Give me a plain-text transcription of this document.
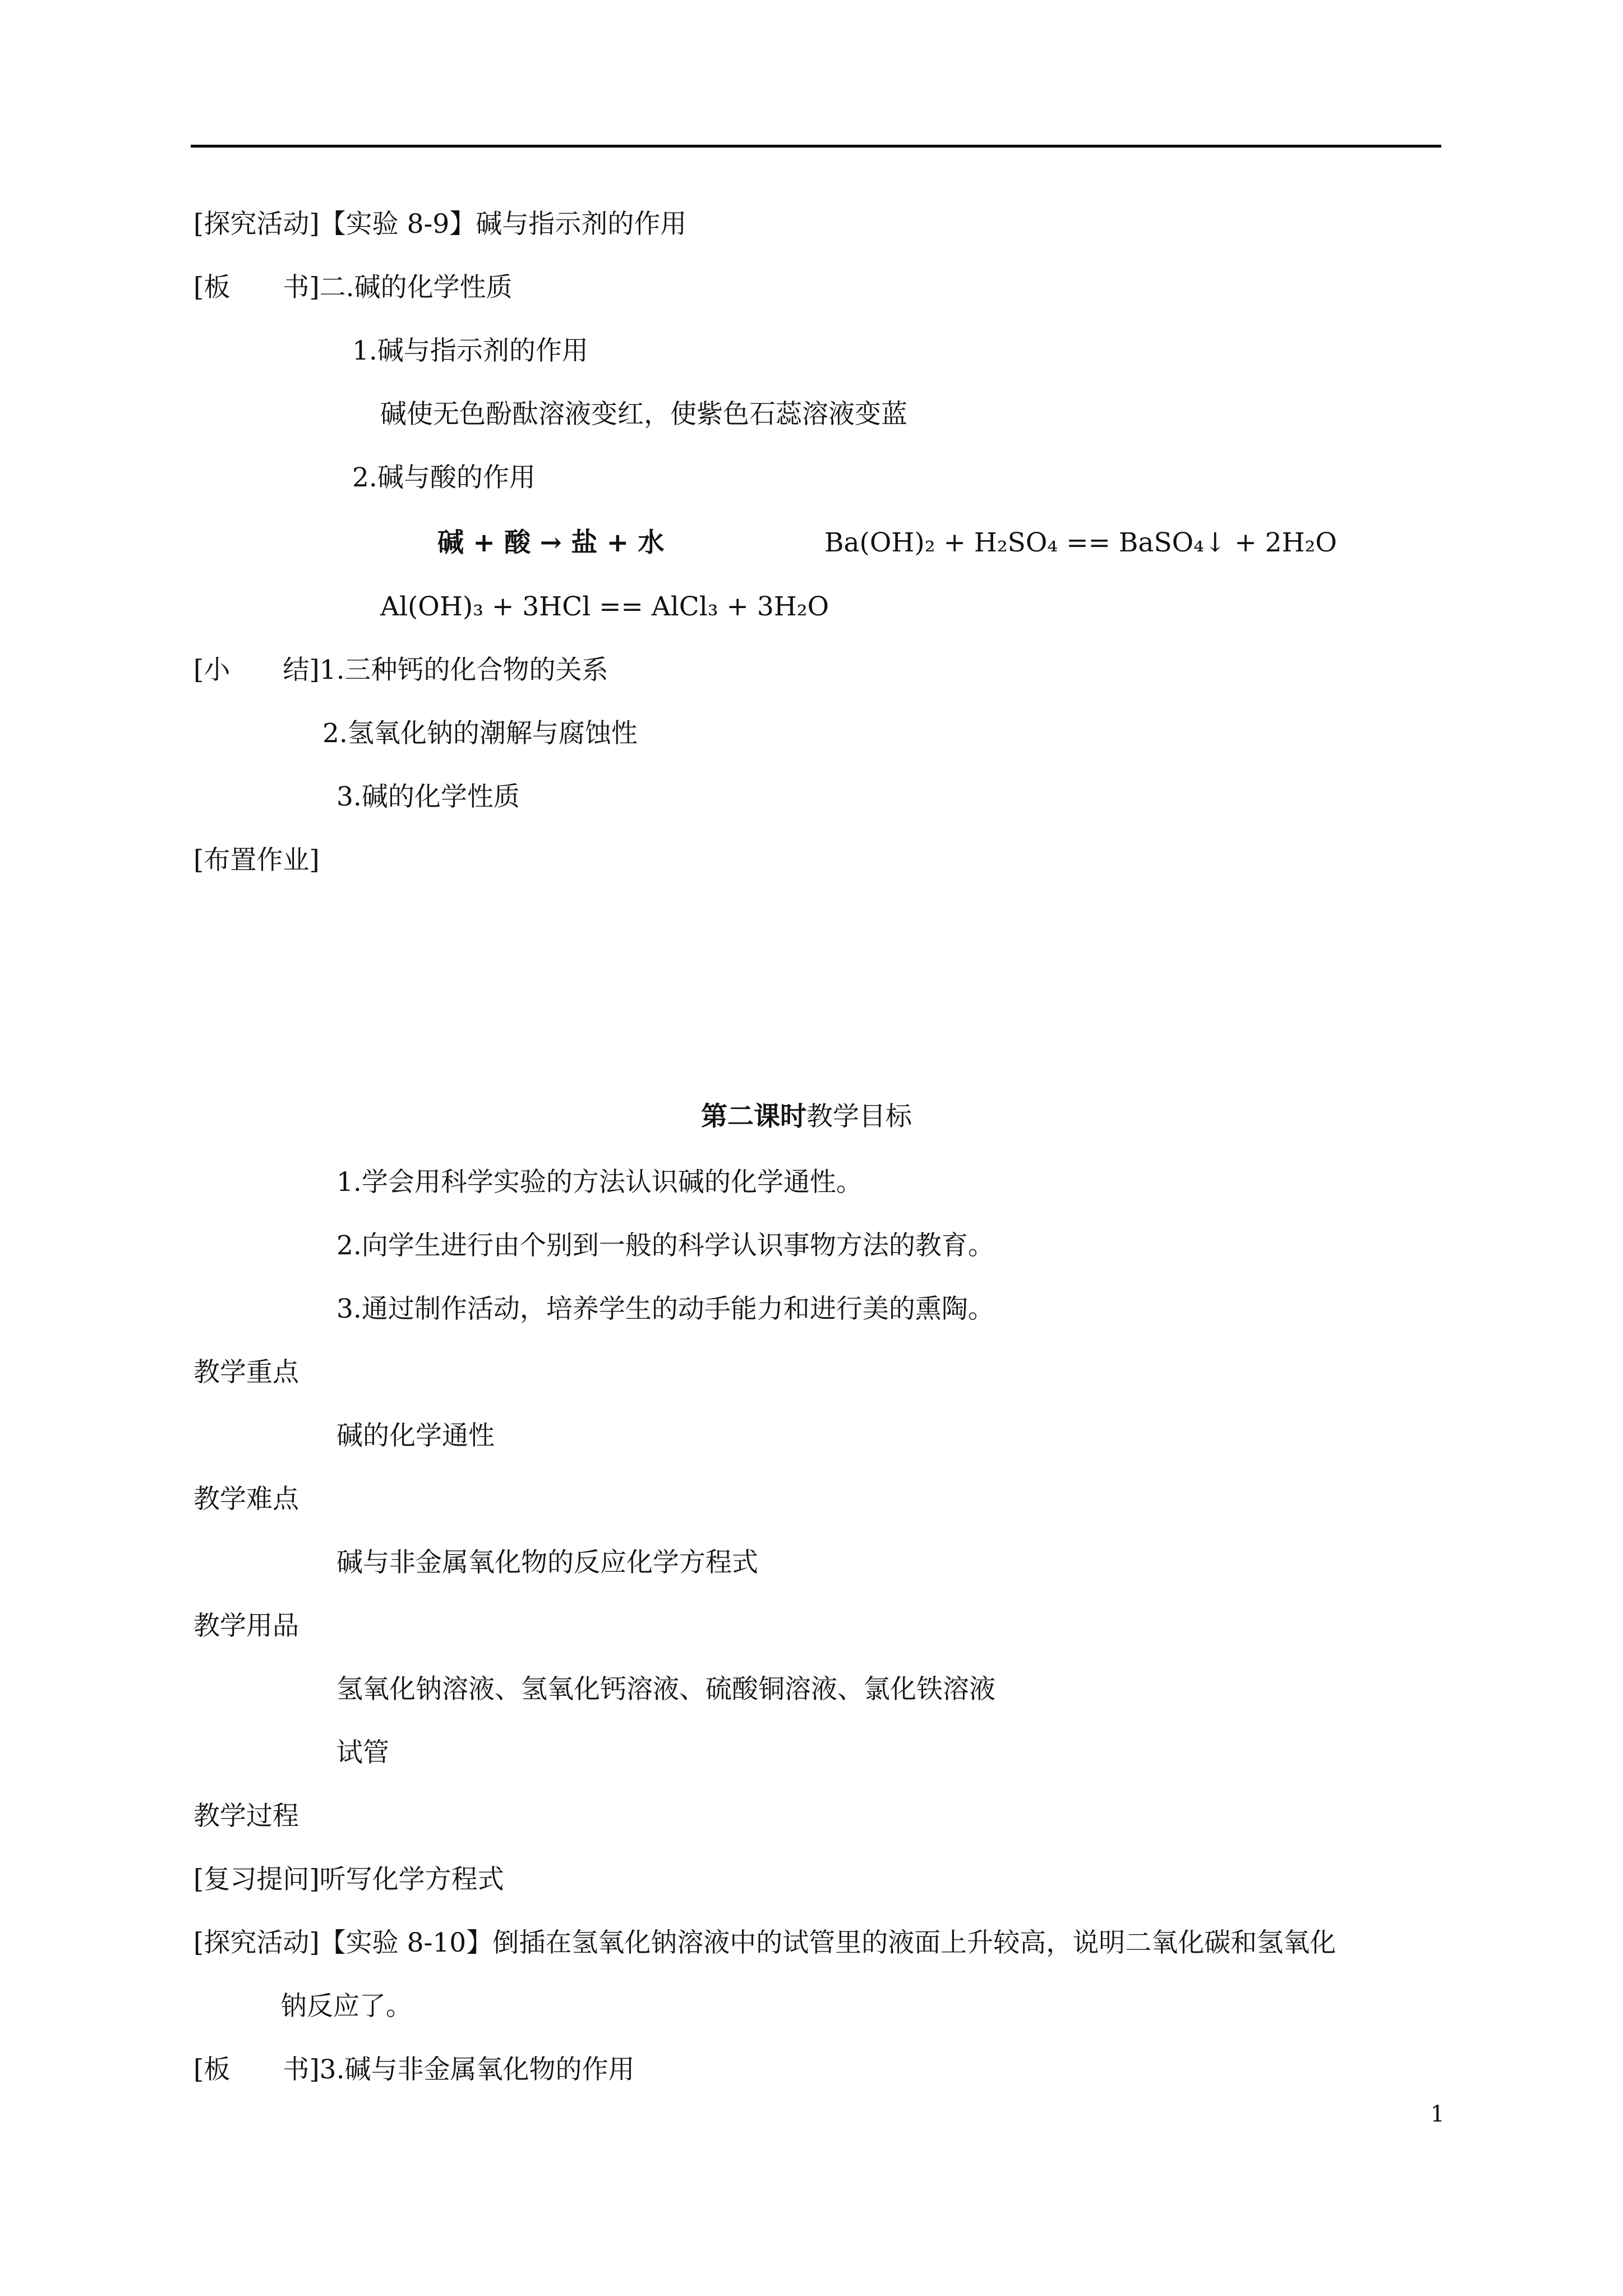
[探究活动]【实验 8-9】碱与指示剂的作用
[板　　书]二.碱的化学性质
1.碱与指示剂的作用
碱使无色酚酞溶液变红，使紫色石蕊溶液变蓝
2.碱与酸的作用
碱 + 酸 → 盐 + 水	Ba(OH)₂ + H₂SO₄ == BaSO₄↓ + 2H₂O
Al(OH)₃ + 3HCl == AlCl₃ + 3H₂O
[小　　结]1.三种钙的化合物的关系
2.氢氧化钠的潮解与腐蚀性
3.碱的化学性质
[布置作业]
第二课时教学目标
1.学会用科学实验的方法认识碱的化学通性。
2.向学生进行由个别到一般的科学认识事物方法的教育。
3.通过制作活动，培养学生的动手能力和进行美的熏陶。
教学重点
碱的化学通性
教学难点
碱与非金属氧化物的反应化学方程式
教学用品
氢氧化钠溶液、氢氧化钙溶液、硫酸铜溶液、氯化铁溶液
试管
教学过程
[复习提问]听写化学方程式
[探究活动]【实验 8-10】倒插在氢氧化钠溶液中的试管里的液面上升较高，说明二氧化碳和氢氧化
钠反应了。
[板　　书]3.碱与非金属氧化物的作用
1
